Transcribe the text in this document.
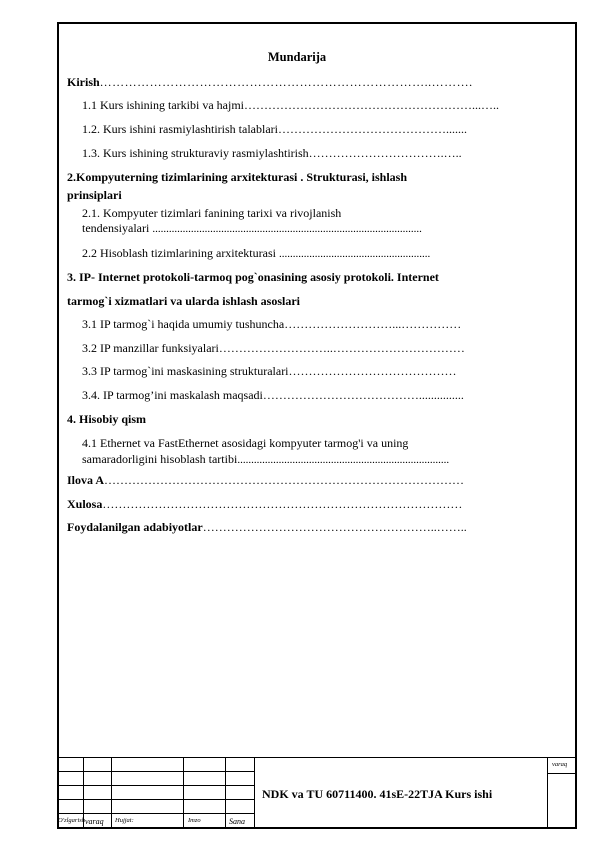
Mundarija
Kirish……………………………………………………………………..……….
1.1 Kurs ishining tarkibi va hajmi…………………………………………………...…..
1.2. Kurs ishini rasmiylashtirish talablari…………………………………….......
1.3. Kurs ishining strukturaviy rasmiylashtirish…………………………….…..
2.Kompyuterning tizimlarining arxitekturasi . Strukturasi, ishlash
prinsiplari
2.1. Kompyuter tizimlari fanining tarixi va rivojlanish
tendensiyalari ..................................................................................................
2.2 Hisoblash tizimlarining arxitekturasi .......................................................
3. IP- Internet protokoli-tarmoq pog`onasining asosiy protokoli. Internet
tarmog`i xizmatlari va ularda ishlash asoslari
3.1 IP tarmog`i haqida umumiy tushuncha………………………...……………
3.2 IP manzillar funksiyalari………………………..……………………………
3.3 IP tarmog`ini maskasining strukturalari……………………………………
3.4. IP tarmog’ini maskalash maqsadi…………………………………...............
4. Hisobiy qism
4.1 Ethernet va FastEthernet asosidagi kompyuter tarmog'i va uning
samaradorligini hisoblash tartibi.............................................................................
Ilova A………………………………………………………………………………
Xulosa………………………………………………………………………………
Foydalanilgan adabiyotlar…………………………………………………..……..
O'zlgarish varaq Hujjat:	Imzo	Sana
NDK va TU 60711400. 41sE-22TJA Kurs ishi
varaq
